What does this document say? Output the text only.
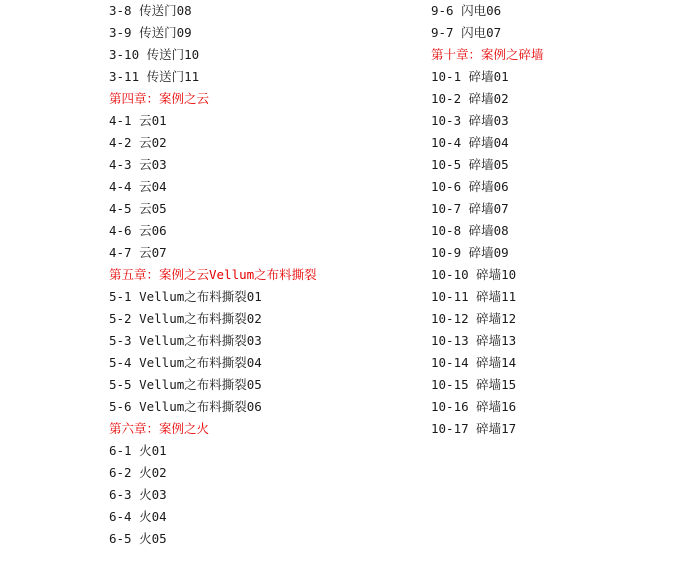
3-8 传送门08
3-9 传送门09
3-10 传送门10
3-11 传送门11
第四章：案例之云
4-1 云01
4-2 云02
4-3 云03
4-4 云04
4-5 云05
4-6 云06
4-7 云07
第五章：案例之云Vellum之布料撕裂
5-1 Vellum之布料撕裂01
5-2 Vellum之布料撕裂02
5-3 Vellum之布料撕裂03
5-4 Vellum之布料撕裂04
5-5 Vellum之布料撕裂05
5-6 Vellum之布料撕裂06
第六章：案例之火
6-1 火01
6-2 火02
6-3 火03
6-4 火04
6-5 火05
9-6 闪电06
9-7 闪电07
第十章：案例之碎墙
10-1 碎墙01
10-2 碎墙02
10-3 碎墙03
10-4 碎墙04
10-5 碎墙05
10-6 碎墙06
10-7 碎墙07
10-8 碎墙08
10-9 碎墙09
10-10 碎墙10
10-11 碎墙11
10-12 碎墙12
10-13 碎墙13
10-14 碎墙14
10-15 碎墙15
10-16 碎墙16
10-17 碎墙17
